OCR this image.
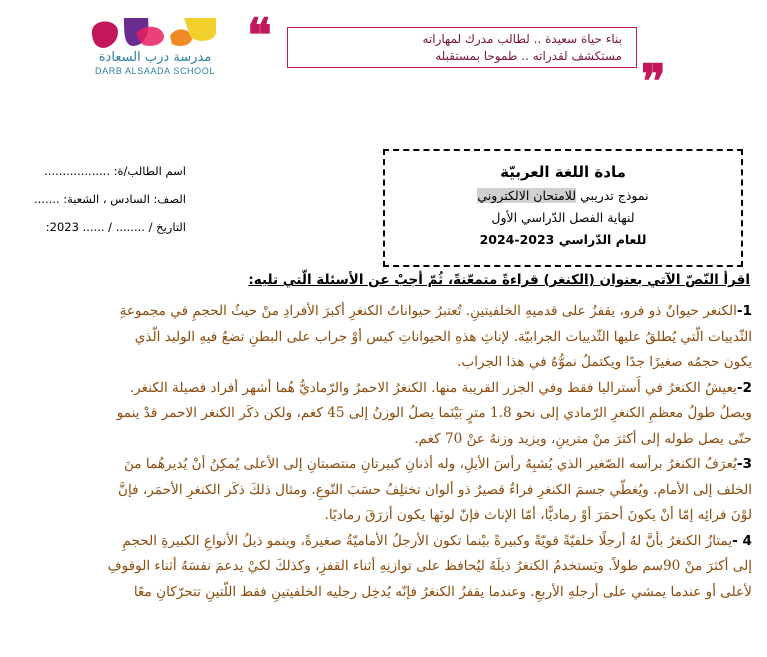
مدرسة درب السعادة
DARB ALSAADA SCHOOL
❝	بناء حياة سعيدة .. لطالب مدرك لمهاراته
مستكشف لقدراته .. طموحا بمستقبله ❞
اسم الطالب/ة: ..................
الصف: السادس ، الشعبة: .......
التاريخ / ........ / ...... 2023:
مادة اللغة العربيّة
نموذج تدريبي للامتحان الالكتروني
لنهاية الفصل الدّراسي الأول
للعام الدّراسي 2023-2024
اقرأ النّصّ الآتي بعنوان (الكنغر) قراءةً متمعّنةً، ثُمّ أجبْ عن الأسئلة الّتي تليه:
1-الكنغر حيوانٌ ذو فرو، يقفزُ على قدميهِ الخلفيتينِ. تُعتبرُ حيواناتُ الكنغرِ أكبرَ الأفرادِ منْ حيثُ الحجمِ في مجموعةِ
الثّدييات الّتي يُطلقُ عليها الثّدييات الجرابيّة. لإناثِ هذهِ الحيواناتِ كيس أوْ جراب على البطنِ تضعُ فيهِ الوليد الّذي
يكون حجمُه صغيرًا جدًا ويكتملُ نموُّهُ في هذا الجراب.
2-يعيشُ الكنغرُ في أُستراليا فقط وفي الجزر القريبة منها. الكنغرُ الاحمرُ والرّماديُّ هُما أشهر أفراد فصيلة الكنغر.
ويصلُ طولُ معظمِ الكنغرِ الرّمادي إلى نحو 1.8 مترٍ بَيْنَما يصلُ الوزنُ إلى 45 كغم، ولكن ذكَر الكنغر الاحمر قدْ ينمو
حتّى يصل طوله إلى أكثرَ منْ مترينِ، ويزيد وزنهُ عنْ 70 كغم.
3-يُعرَفُ الكنغرُ برأسه الصّغير الذي يُشبِهُ رأسَ الأيلِ، وله أذنانِ كبيرتانِ منتصبتانِ إلى الأعلى يُمكِنُ أنْ يُديرهُما منَ
الخلف إلى الأمام. ويُغطّي جسمَ الكنغرِ فراءٌ قصيرٌ ذو ألوان تختلِفُ حسَبَ النّوعِ. ومثال ذلكَ ذكَر الكنغرِ الأحمَر، فإنَّ
لوْنَ فرائِه إمّا أنْ يكونَ أحمَرَ أوْ رماديًّا، أمّا الإناث فإنّ لونَها يكون أزرَقَ رماديًا.
4 -يمتازُ الكنغرُ بأنَّ لهُ أرجلًا خلفيّةً قويّةً وكبيرةً بيْنما تكون الأرجلُ الأماميّةُ صغيرةً، وينمو ذيلُ الأنواعِ الكبيرةِ الحجمِ
إلى أكثرَ منْ 90سم طولاً. ويَستخدمُ الكنغرُ ذيلَهُ ليُحافظ على توازنِهِ أثناء القفزِ، وكذلكَ لكيْ يدعمَ نفسَهُ أثناء الوقوفِ
لأعلى أو عندما يمشي على أرجلهِ الأربعِ. وعندما يقفزُ الكنغرُ فإنّه يُدخِل رجليه الخلفيتينِ فقط اللّتينِ تتحرّكانِ معًا
